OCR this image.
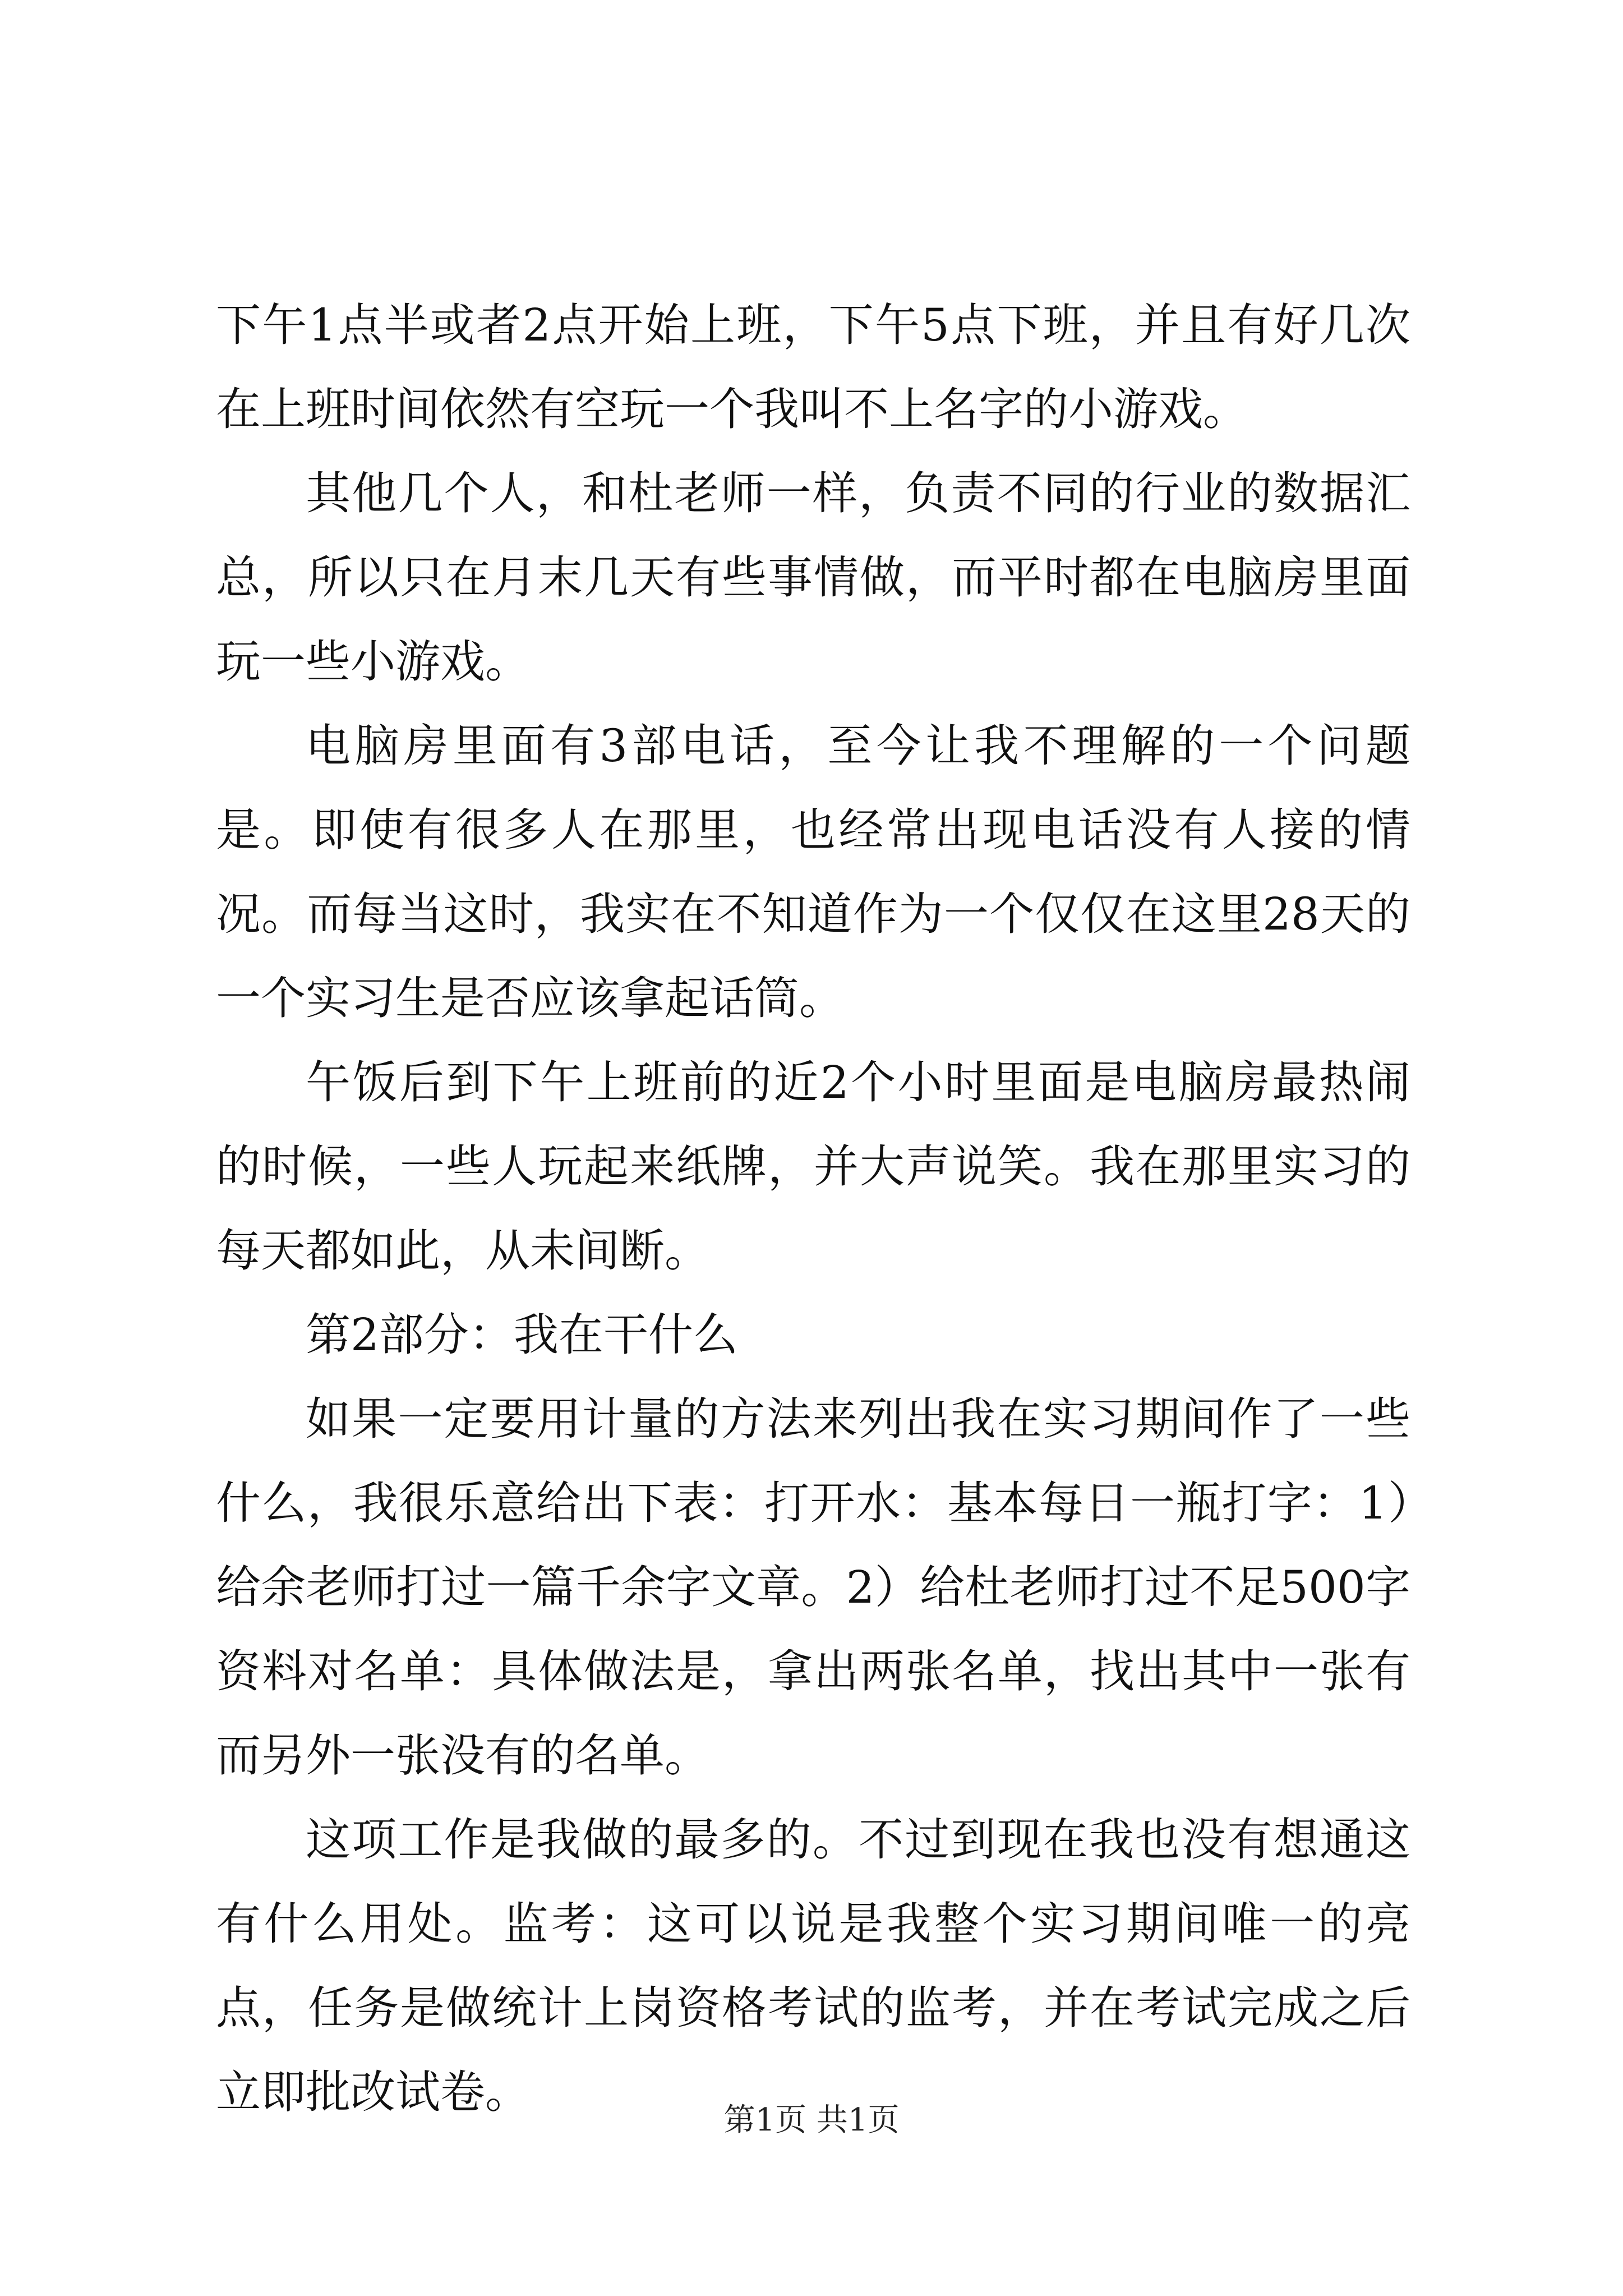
下午1点半或者2点开始上班，下午5点下班，并且有好几次在上班时间依然有空玩一个我叫不上名字的小游戏。

其他几个人，和杜老师一样，负责不同的行业的数据汇总，所以只在月末几天有些事情做，而平时都在电脑房里面玩一些小游戏。

电脑房里面有3部电话，至今让我不理解的一个问题是。即使有很多人在那里，也经常出现电话没有人接的情况。而每当这时，我实在不知道作为一个仅仅在这里28天的一个实习生是否应该拿起话筒。

午饭后到下午上班前的近2个小时里面是电脑房最热闹的时候，一些人玩起来纸牌，并大声说笑。我在那里实习的每天都如此，从未间断。

第2部分：我在干什么

如果一定要用计量的方法来列出我在实习期间作了一些什么，我很乐意给出下表：打开水：基本每日一瓶打字：1）给余老师打过一篇千余字文章。2）给杜老师打过不足500字资料对名单：具体做法是，拿出两张名单，找出其中一张有而另外一张没有的名单。

这项工作是我做的最多的。不过到现在我也没有想通这有什么用处。监考：这可以说是我整个实习期间唯一的亮点，任务是做统计上岗资格考试的监考，并在考试完成之后立即批改试卷。

第1页 共1页
